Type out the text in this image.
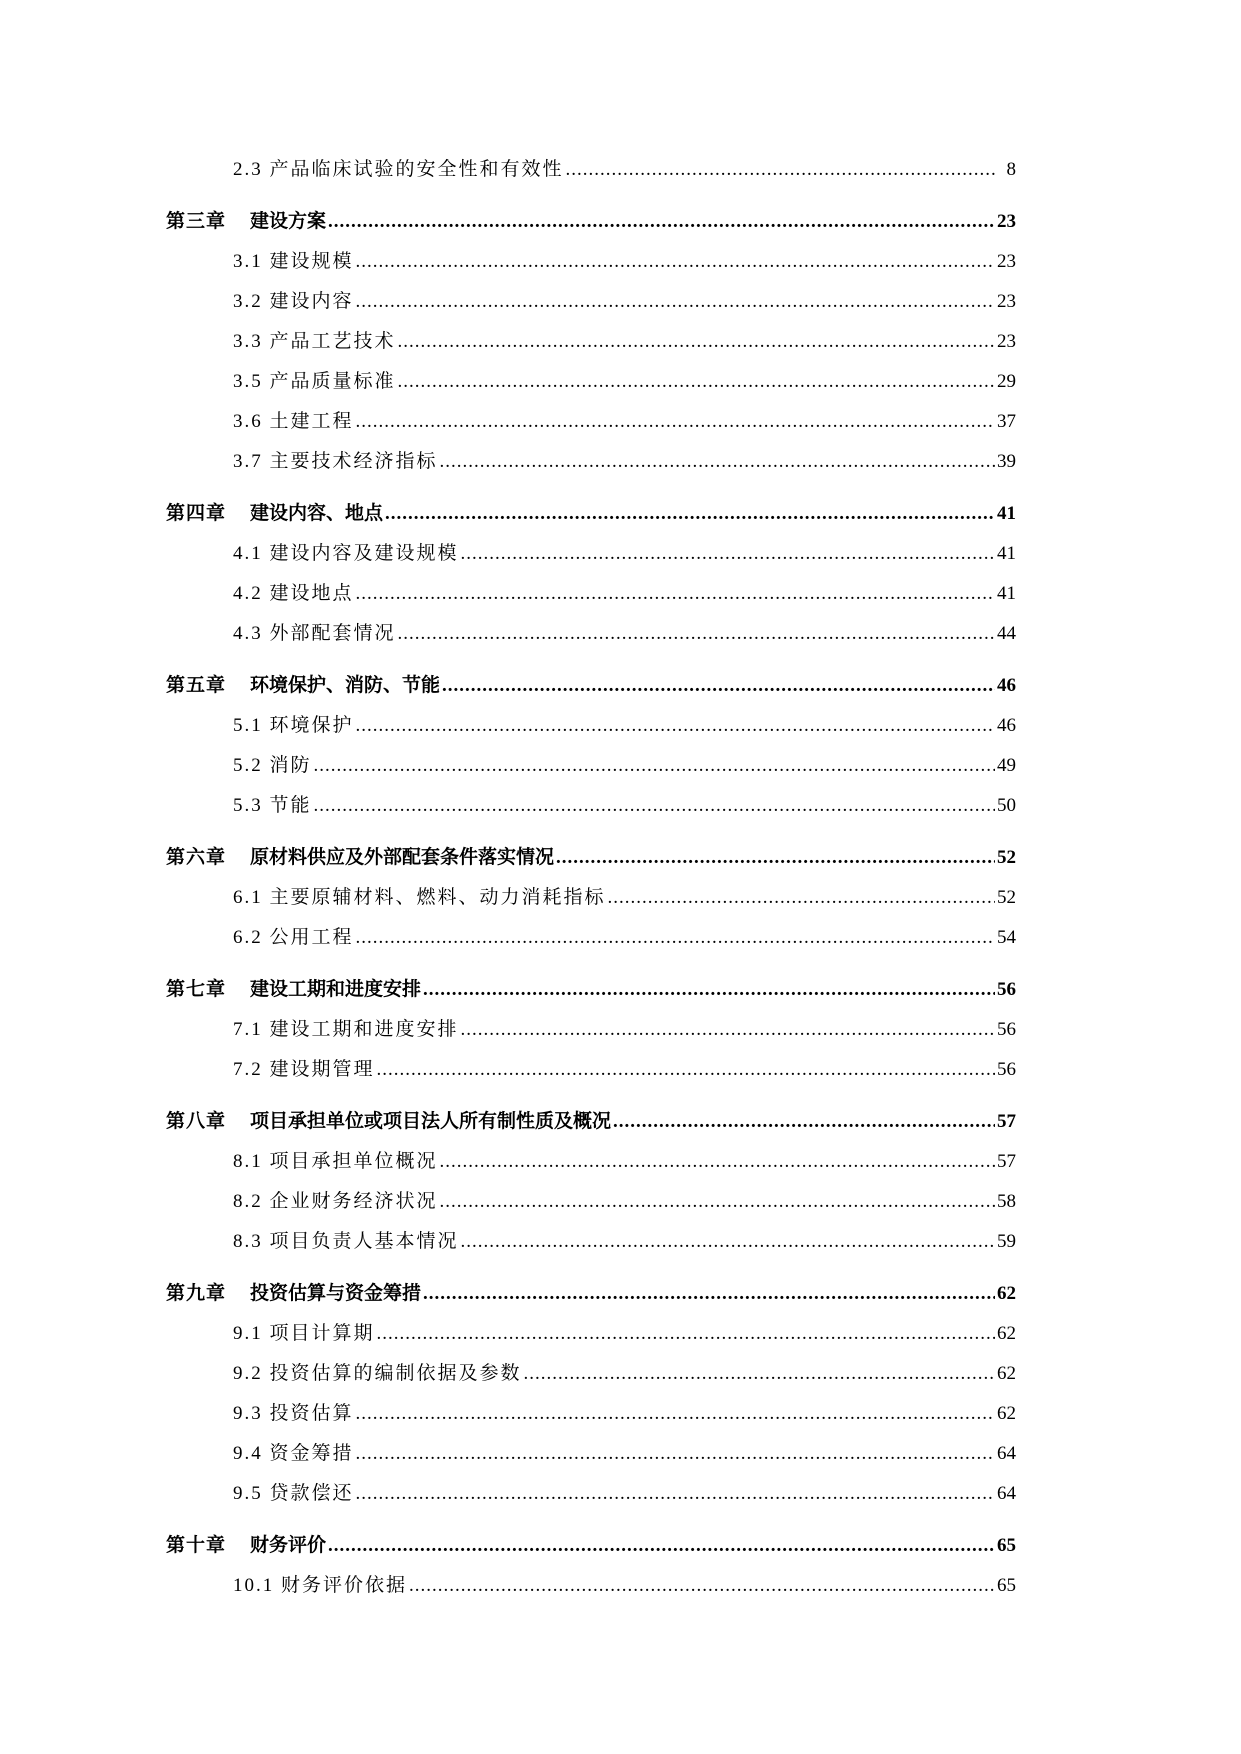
2.3 产品临床试验的安全性和有效性 .....	8
第三章 建设方案 .....	23
3.1 建设规模 .....	23
3.2 建设内容 .....	23
3.3 产品工艺技术 .....	23
3.5 产品质量标准 .....	29
3.6 土建工程 .....	37
3.7 主要技术经济指标 .....	39
第四章 建设内容、地点 .....	41
4.1 建设内容及建设规模 .....	41
4.2 建设地点 .....	41
4.3 外部配套情况 .....	44
第五章 环境保护、消防、节能 .....	46
5.1 环境保护 .....	46
5.2 消防 .....	49
5.3 节能 .....	50
第六章 原材料供应及外部配套条件落实情况 .....	52
6.1 主要原辅材料、燃料、动力消耗指标 .....	52
6.2 公用工程 .....	54
第七章 建设工期和进度安排 .....	56
7.1 建设工期和进度安排 .....	56
7.2 建设期管理 .....	56
第八章 项目承担单位或项目法人所有制性质及概况 .....	57
8.1 项目承担单位概况 .....	57
8.2 企业财务经济状况 .....	58
8.3 项目负责人基本情况 .....	59
第九章 投资估算与资金筹措 .....	62
9.1 项目计算期 .....	62
9.2 投资估算的编制依据及参数 .....	62
9.3 投资估算 .....	62
9.4 资金筹措 .....	64
9.5 贷款偿还 .....	64
第十章 财务评价 .....	65
10.1 财务评价依据 .....	65
